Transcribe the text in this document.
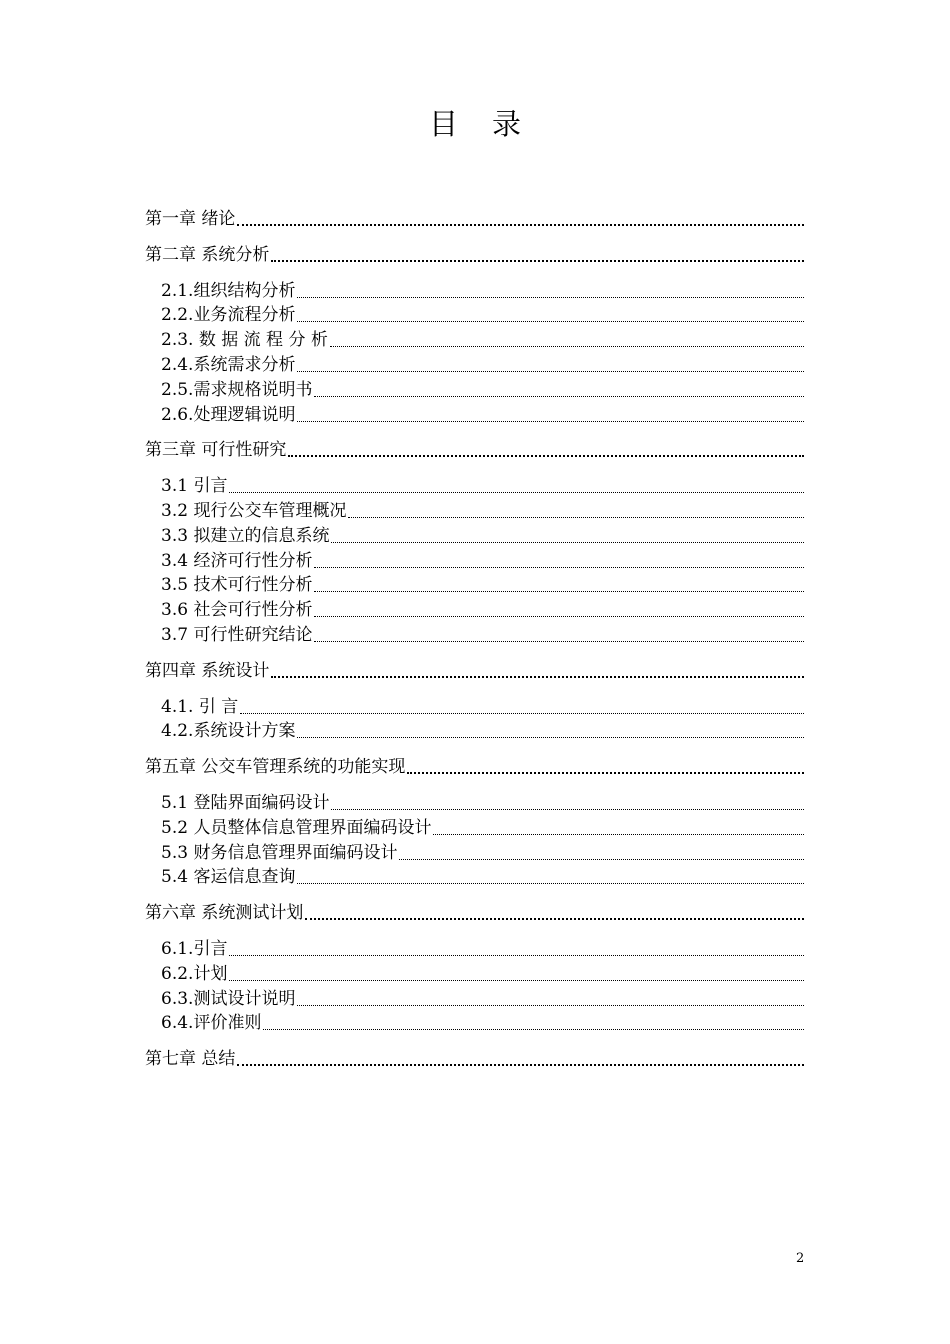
目录
第一章 绪论
第二章 系统分析
2.1.组织结构分析
2.2.业务流程分析
2.3. 数 据 流 程 分 析
2.4.系统需求分析
2.5.需求规格说明书
2.6.处理逻辑说明
第三章 可行性研究
3.1 引言
3.2 现行公交车管理概况
3.3 拟建立的信息系统
3.4 经济可行性分析
3.5 技术可行性分析
3.6 社会可行性分析
3.7 可行性研究结论
第四章 系统设计
4.1. 引 言
4.2.系统设计方案
第五章 公交车管理系统的功能实现
5.1 登陆界面编码设计
5.2 人员整体信息管理界面编码设计
5.3 财务信息管理界面编码设计
5.4 客运信息查询
第六章 系统测试计划
6.1.引言
6.2.计划
6.3.测试设计说明
6.4.评价准则
第七章 总结
2
